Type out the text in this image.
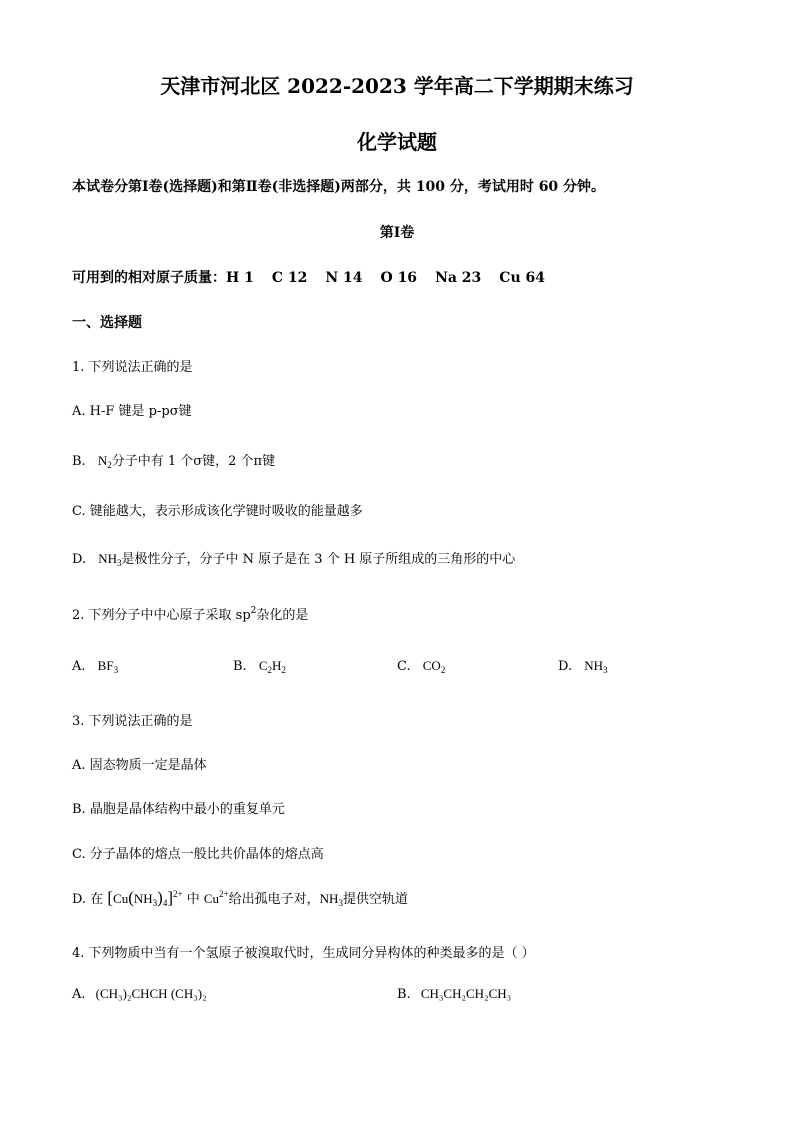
天津市河北区 2022-2023 学年高二下学期期末练习
化学试题
本试卷分第Ⅰ卷(选择题)和第Ⅱ卷(非选择题)两部分，共 100 分，考试用时 60 分钟。
第Ⅰ卷
可用到的相对原子质量：H 1 C 12 N 14 O 16 Na 23 Cu 64
一、选择题
1. 下列说法正确的是
A. H-F 键是 p-pσ键
B. $N_2$分子中有 1 个σ键，2 个π键
C. 键能越大，表示形成该化学键时吸收的能量越多
D. $NH_3$是极性分子，分子中 N 原子是在 3 个 H 原子所组成的三角形的中心
2. 下列分子中中心原子采取 $sp^2$杂化的是
A. $BF_3$	B. $C_2H_2$	C. $CO_2$	D. $NH_3$
3. 下列说法正确的是
A. 固态物质一定是晶体
B. 晶胞是晶体结构中最小的重复单元
C. 分子晶体的熔点一般比共价晶体的熔点高
D. 在 $[Cu(NH_3)_4]^{2+}$ 中 $Cu^{2+}$给出孤电子对，$NH_3$提供空轨道
4. 下列物质中当有一个氢原子被溴取代时，生成同分异构体的种类最多的是（ ）
A. (CH₃)₂CHCH (CH₃)₂	B. CH₃CH₂CH₂CH₃
